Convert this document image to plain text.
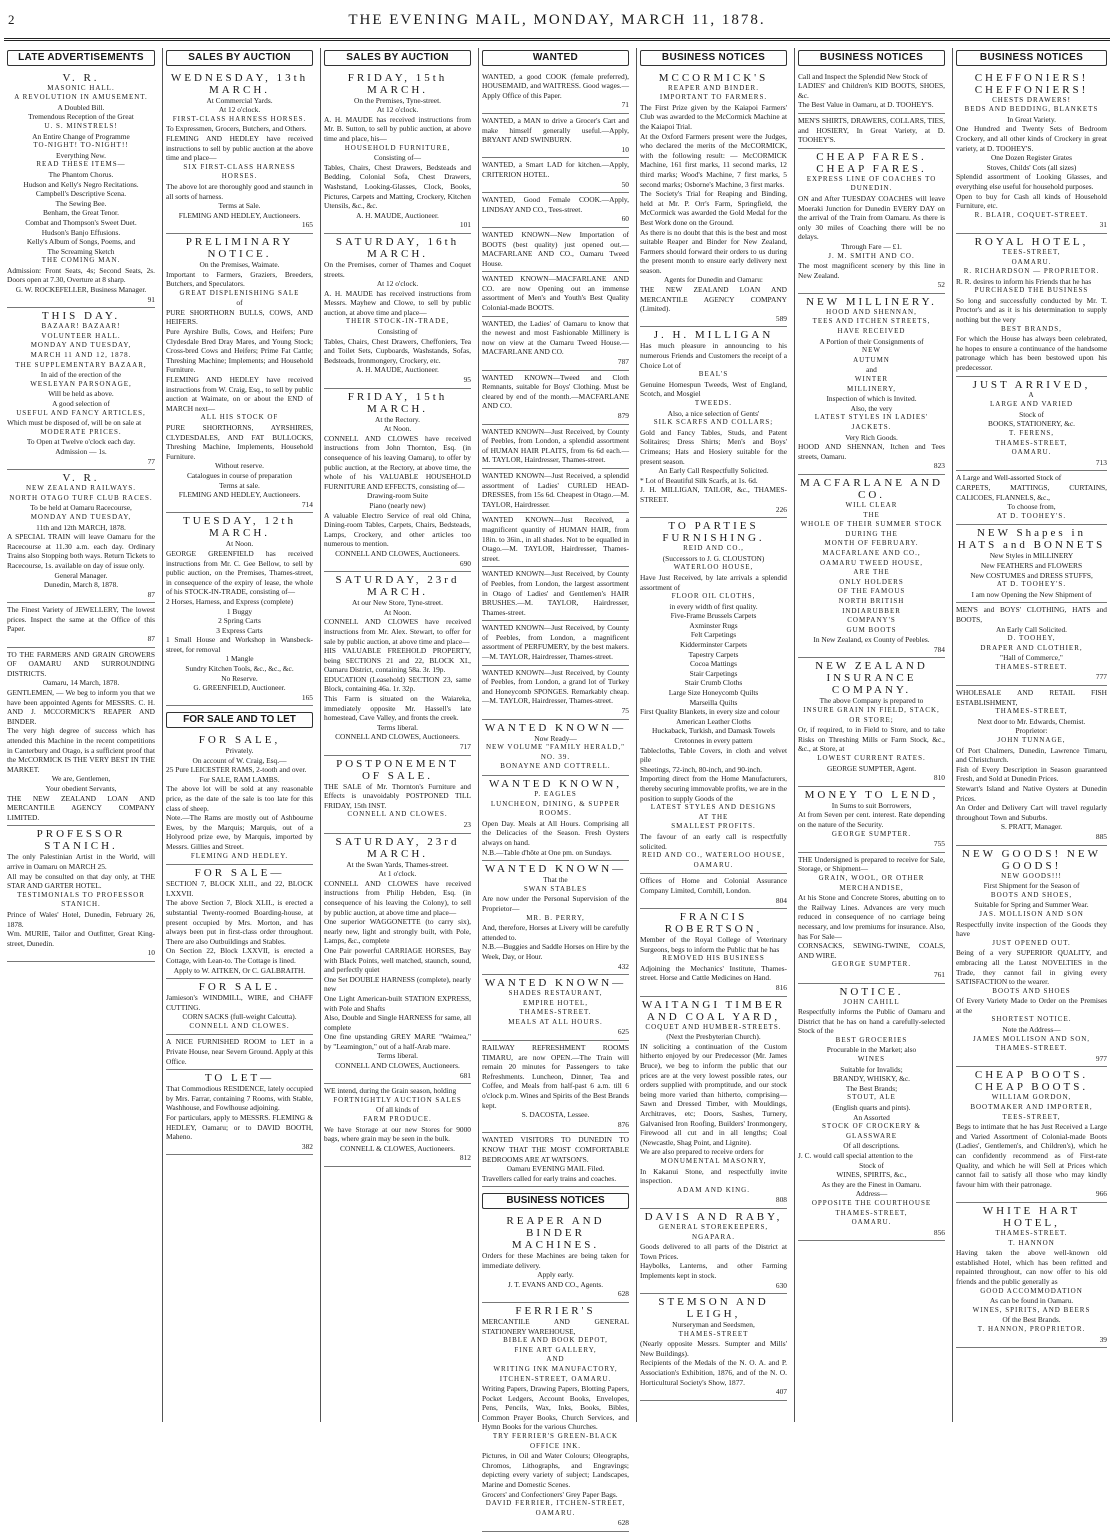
2	THE EVENING MAIL, MONDAY, MARCH 11, 1878.
LATE ADVERTISEMENTS

V. R.

MASONIC HALL.

A REVOLUTION IN AMUSEMENT.

A Doubled Bill.

Tremendous Reception of the Great

U. S. MINSTRELS!

An Entire Change of Programme

TO-NIGHT! TO-NIGHT!!

Everything New.

READ THESE ITEMS—

The Phantom Chorus.

Hudson and Kelly's Negro Recitations.

Campbell's Descriptive Scena.

The Sewing Bee.

Benham, the Great Tenor.

Combat and Thompson's Sweet Duet.

Hudson's Banjo Effusions.

Kelly's Album of Songs, Poems, and

The Screaming Sketch

THE COMING MAN.

Admission: Front Seats, 4s; Second Seats, 2s. Doors open at 7.30, Overture at 8 sharp.

G. W. ROCKEFELLER, Business Manager.

91

THIS DAY.

BAZAAR! BAZAAR!

VOLUNTEER HALL.

MONDAY AND TUESDAY,

MARCH 11 AND 12, 1878.

THE SUPPLEMENTARY BAZAAR,

In aid of the erection of the

WESLEYAN PARSONAGE,

Will be held as above.

A good selection of

USEFUL AND FANCY ARTICLES,

Which must be disposed of, will be on sale at

MODERATE PRICES.

To Open at Twelve o'clock each day.

Admission — 1s.

77

V. R.

NEW ZEALAND RAILWAYS.

NORTH OTAGO TURF CLUB RACES.

To be held at Oamaru Racecourse,

MONDAY AND TUESDAY,

11th and 12th MARCH, 1878.

A SPECIAL TRAIN will leave Oamaru for the Racecourse at 11.30 a.m. each day. Ordinary Trains also Stopping both ways. Return Tickets to Racecourse, 1s. available on day of issue only.

General Manager.

Dunedin, March 8, 1878.

87

The Finest Variety of JEWELLERY, The lowest prices. Inspect the same at the Office of this Paper.

87

TO THE FARMERS AND GRAIN GROWERS OF OAMARU AND SURROUNDING DISTRICTS.

Oamaru, 14 March, 1878.

GENTLEMEN, — We beg to inform you that we have been appointed Agents for MESSRS. C. H. AND J. MCCORMICK'S REAPER AND BINDER.

The very high degree of success which has attended this Machine in the recent competitions in Canterbury and Otago, is a sufficient proof that the McCORMICK IS THE VERY BEST IN THE MARKET.

We are, Gentlemen,

Your obedient Servants,

THE NEW ZEALAND LOAN AND MERCANTILE AGENCY COMPANY LIMITED.

PROFESSOR STANICH.

The only Palestinian Artist in the World, will arrive in Oamaru on MARCH 25.

All may be consulted on that day only, at THE STAR AND GARTER HOTEL.

TESTIMONIALS TO PROFESSOR STANICH.

Prince of Wales' Hotel, Dunedin, February 26, 1878.

Wm. MURIE, Tailor and Outfitter, Great King-street, Dunedin.

10

SALES BY AUCTION

WEDNESDAY, 13th MARCH.

At Commercial Yards.

At 12 o'clock.

FIRST-CLASS HARNESS HORSES.

To Expressmen, Grocers, Butchers, and Others.

FLEMING AND HEDLEY have received instructions to sell by public auction at the above time and place—

SIX FIRST-CLASS HARNESS HORSES.

The above lot are thoroughly good and staunch in all sorts of harness.

Terms at Sale.

FLEMING AND HEDLEY, Auctioneers.

165

PRELIMINARY NOTICE.

On the Premises, Waimate.

Important to Farmers, Graziers, Breeders, Butchers, and Speculators.

GREAT DISPLENISHING SALE

of

PURE SHORTHORN BULLS, COWS, AND HEIFERS.

Pure Ayrshire Bulls, Cows, and Heifers; Pure Clydesdale Bred Dray Mares, and Young Stock; Cross-bred Cows and Heifers; Prime Fat Cattle; Threshing Machine; Implements; and Household Furniture.

FLEMING AND HEDLEY have received instructions from W. Craig, Esq., to sell by public auction at Waimate, on or about the END of MARCH next—

ALL HIS STOCK OF

PURE SHORTHORNS, AYRSHIRES, CLYDESDALES, AND FAT BULLOCKS, Threshing Machine, Implements, Household Furniture.

Without reserve.

Catalogues in course of preparation

Terms at sale.

FLEMING AND HEDLEY, Auctioneers.

714

TUESDAY, 12th MARCH.

At Noon.

GEORGE GREENFIELD has received instructions from Mr. C. Gee Bellow, to sell by public auction, on the Premises, Thames-street, in consequence of the expiry of lease, the whole of his STOCK-IN-TRADE, consisting of—

2 Horses, Harness, and Express (complete)

1 Buggy

2 Spring Carts

3 Express Carts

1 Small House and Workshop in Wansbeck-street, for removal

1 Mangle

Sundry Kitchen Tools, &c., &c., &c.

No Reserve.

G. GREENFIELD, Auctioneer.

165

FOR SALE AND TO LET

FOR SALE,

Privately.

On account of W. Craig, Esq.—

25 Pure LEICESTER RAMS, 2-tooth and over.

For SALE, RAM LAMBS.

The above lot will be sold at any reasonable price, as the date of the sale is too late for this class of sheep.

Note.—The Rams are mostly out of Ashbourne Ewes, by the Marquis; Marquis, out of a Holyrood prize ewe, by Marquis, imported by Messrs. Gillies and Street.

FLEMING AND HEDLEY.

FOR SALE—

SECTION 7, BLOCK XLII., and 22, BLOCK LXXVII.

The above Section 7, Block XLII., is erected a substantial Twenty-roomed Boarding-house, at present occupied by Mrs. Morton, and has always been put in first-class order throughout. There are also Outbuildings and Stables.

On Section 22, Block LXXVII, is erected a Cottage, with Lean-to. The Cottage is lined.

Apply to W. AITKEN, Or C. GALBRAITH.

FOR SALE.

Jamieson's WINDMILL, WIRE, and CHAFF CUTTING.

CORN SACKS (full-weight Calcutta).

CONNELL AND CLOWES.

A NICE FURNISHED ROOM to LET in a Private House, near Severn Ground. Apply at this Office.

TO LET—

That Commodious RESIDENCE, lately occupied by Mrs. Farrar, containing 7 Rooms, with Stable, Washhouse, and Fowlhouse adjoining.

For particulars, apply to MESSRS. FLEMING & HEDLEY, Oamaru; or to DAVID BOOTH, Maheno.

382

SALES BY AUCTION

FRIDAY, 15th MARCH.

On the Premises, Tyne-street.

At 12 o'clock.

A. H. MAUDE has received instructions from Mr. B. Sutton, to sell by public auction, at above time and place, his—

HOUSEHOLD FURNITURE,

Consisting of—

Tables, Chairs, Chest Drawers, Bedsteads and Bedding, Colonial Sofa, Chest Drawers, Washstand, Looking-Glasses, Clock, Books, Pictures, Carpets and Matting, Crockery, Kitchen Utensils, &c., &c.

A. H. MAUDE, Auctioneer.

101

SATURDAY, 16th MARCH.

On the Premises, corner of Thames and Coquet streets.

At 12 o'clock.

A. H. MAUDE has received instructions from Messrs. Mayhew and Clowe, to sell by public auction, at above time and place—

THEIR STOCK-IN-TRADE,

Consisting of

Tables, Chairs, Chest Drawers, Cheffoniers, Tea and Toilet Sets, Cupboards, Washstands, Sofas, Bedsteads, Ironmongery, Crockery, etc.

A. H. MAUDE, Auctioneer.

95

FRIDAY, 15th MARCH.

At the Rectory.

At Noon.

CONNELL AND CLOWES have received instructions from John Thornton, Esq. (in consequence of his leaving Oamaru), to offer by public auction, at the Rectory, at above time, the whole of his VALUABLE HOUSEHOLD FURNITURE AND EFFECTS, consisting of—

Drawing-room Suite

Piano (nearly new)

A valuable Electro Service of real old China, Dining-room Tables, Carpets, Chairs, Bedsteads, Lamps, Crockery, and other articles too numerous to mention.

CONNELL AND CLOWES, Auctioneers.

690

SATURDAY, 23rd MARCH.

At our New Store, Tyne-street.

At Noon.

CONNELL AND CLOWES have received instructions from Mr. Alex. Stewart, to offer for sale by public auction, at above time and place—

HIS VALUABLE FREEHOLD PROPERTY, being SECTIONS 21 and 22, BLOCK XI., Oamaru District, containing 58a. 3r. 19p.

EDUCATION (Leasehold) SECTION 23, same Block, containing 46a. 1r. 32p.

This Farm is situated on the Waiareka, immediately opposite Mr. Hassell's late homestead, Cave Valley, and fronts the creek.

Terms liberal.

CONNELL AND CLOWES, Auctioneers.

717

POSTPONEMENT OF SALE.

THE SALE of Mr. Thornton's Furniture and Effects is unavoidably POSTPONED TILL FRIDAY, 15th INST.

CONNELL AND CLOWES.

23

SATURDAY, 23rd MARCH.

At the Swan Yards, Thames-street.

At 1 o'clock.

CONNELL AND CLOWES have received instructions from Philip Hebden, Esq. (in consequence of his leaving the Colony), to sell by public auction, at above time and place—

One superior WAGGONETTE (to carry six), nearly new, light and strongly built, with Pole, Lamps, &c., complete

One Pair powerful CARRIAGE HORSES, Bay with Black Points, well matched, staunch, sound, and perfectly quiet

One Set DOUBLE HARNESS (complete), nearly new

One Light American-built STATION EXPRESS, with Pole and Shafts

Also, Double and Single HARNESS for same, all complete

One fine upstanding GREY MARE "Waimea," by "Leamington," out of a half-Arab mare.

Terms liberal.

CONNELL AND CLOWES, Auctioneers.

681

WE intend, during the Grain season, holding

FORTNIGHTLY AUCTION SALES

Of all kinds of

FARM PRODUCE.

We have Storage at our new Stores for 9000 bags, where grain may be seen in the bulk.

CONNELL & CLOWES, Auctioneers.

812

WANTED

WANTED, a good COOK (female preferred), HOUSEMAID, and WAITRESS. Good wages.—Apply Office of this Paper.

71

WANTED, a MAN to drive a Grocer's Cart and make himself generally useful.—Apply, BRYANT AND SWINBURN.

10

WANTED, a Smart LAD for kitchen.—Apply, CRITERION HOTEL.

50

WANTED, Good Female COOK.—Apply, LINDSAY AND CO., Tees-street.

60

WANTED KNOWN—New Importation of BOOTS (best quality) just opened out.—MACFARLANE AND CO., Oamaru Tweed House.

WANTED KNOWN—MACFARLANE AND CO. are now Opening out an immense assortment of Men's and Youth's Best Quality Colonial-made BOOTS.

WANTED, the Ladies' of Oamaru to know that the newest and most Fashionable Millinery is now on view at the Oamaru Tweed House.—MACFARLANE AND CO.

787

WANTED KNOWN—Tweed and Cloth Remnants, suitable for Boys' Clothing. Must be cleared by end of the month.—MACFARLANE AND CO.

879

WANTED KNOWN—Just Received, by County of Peebles, from London, a splendid assortment of HUMAN HAIR PLAITS, from 6s 6d each.—M. TAYLOR, Hairdresser, Thames-street.

WANTED KNOWN—Just Received, a splendid assortment of Ladies' CURLED HEAD-DRESSES, from 15s 6d. Cheapest in Otago.—M. TAYLOR, Hairdresser.

WANTED KNOWN—Just Received, a magnificent quantity of HUMAN HAIR, from 18in. to 36in., in all shades. Not to be equalled in Otago.—M. TAYLOR, Hairdresser, Thames-street.

WANTED KNOWN—Just Received, by County of Peebles, from London, the largest assortment in Otago of Ladies' and Gentlemen's HAIR BRUSHES.—M. TAYLOR, Hairdresser, Thames-street.

WANTED KNOWN—Just Received, by County of Peebles, from London, a magnificent assortment of PERFUMERY, by the best makers.—M. TAYLOR, Hairdresser, Thames-street.

WANTED KNOWN—Just Received, by County of Peebles, from London, a grand lot of Turkey and Honeycomb SPONGES. Remarkably cheap.—M. TAYLOR, Hairdresser, Thames-street.

75

WANTED KNOWN—

Now Ready—

NEW VOLUME "FAMILY HERALD," NO. 39.

BONAYNE AND COTTRELL.

WANTED KNOWN,

P. EAGLES

LUNCHEON, DINING, & SUPPER ROOMS.

Open Day. Meals at All Hours. Comprising all the Delicacies of the Season. Fresh Oysters always on hand.

N.B.—Table d'hôte at One pm. on Sundays.

WANTED KNOWN—

That the

SWAN STABLES

Are now under the Personal Supervision of the Proprietor—

MR. B. PERRY,

And, therefore, Horses at Livery will be carefully attended to.

N.B.—Buggies and Saddle Horses on Hire by the Week, Day, or Hour.

432

WANTED KNOWN—

SHADES RESTAURANT,

EMPIRE HOTEL,

THAMES-STREET.

MEALS AT ALL HOURS.

625

RAILWAY REFRESHMENT ROOMS TIMARU, are now OPEN.—The Train will remain 20 minutes for Passengers to take Refreshments. Luncheon, Dinner, Tea and Coffee, and Meals from half-past 6 a.m. till 6 o'clock p.m. Wines and Spirits of the Best Brands kept.

S. DACOSTA, Lessee.

876

WANTED VISITORS TO DUNEDIN TO KNOW THAT THE MOST COMFORTABLE BEDROOMS ARE AT WATSON'S.

Oamaru EVENING MAIL Filed.

Travellers called for early trains and coaches.

BUSINESS NOTICES

REAPER AND BINDER MACHINES.

Orders for these Machines are being taken for immediate delivery.

Apply early.

J. T. EVANS AND CO., Agents.

628

FERRIER'S

MERCANTILE AND GENERAL STATIONERY WAREHOUSE,

BIBLE AND BOOK DEPOT,

FINE ART GALLERY,

AND

WRITING INK MANUFACTORY,

ITCHEN-STREET, OAMARU.

Writing Papers, Drawing Papers, Blotting Papers, Pocket Ledgers, Account Books, Envelopes, Pens, Pencils, Wax, Inks, Books, Bibles, Common Prayer Books, Church Services, and Hymn Books for the various Churches.

TRY FERRIER'S GREEN-BLACK OFFICE INK.

Pictures, in Oil and Water Colours; Oleographs, Chromos, Lithographs, and Engravings; depicting every variety of subject; Landscapes, Marine and Domestic Scenes.

Grocers' and Confectioners' Grey Paper Bags.

DAVID FERRIER, ITCHEN-STREET, OAMARU.

628

BUSINESS NOTICES

MCCORMICK'S

REAPER AND BINDER.

IMPORTANT TO FARMERS.

The First Prize given by the Kaiapoi Farmers' Club was awarded to the McCormick Machine at the Kaiapoi Trial.

At the Oxford Farmers present were the Judges, who declared the merits of the McCORMICK, with the following result: — McCORMICK Machine, 161 first marks, 11 second marks, 12 third marks; Wood's Machine, 7 first marks, 5 second marks; Osborne's Machine, 3 first marks.

The Society's Trial for Reaping and Binding, held at Mr. P. Orr's Farm, Springfield, the McCormick was awarded the Gold Medal for the Best Work done on the Ground.

As there is no doubt that this is the best and most suitable Reaper and Binder for New Zealand, Farmers should forward their orders to us during the present month to ensure early delivery next season.

Agents for Dunedin and Oamaru:

THE NEW ZEALAND LOAN AND MERCANTILE AGENCY COMPANY (Limited).

589

J. H. MILLIGAN

Has much pleasure in announcing to his numerous Friends and Customers the receipt of a Choice Lot of

BEAL'S

Genuine Homespun Tweeds, West of England, Scotch, and Mosgiel

TWEEDS.

Also, a nice selection of Gents'

SILK SCARFS AND COLLARS;

Gold and Fancy Tables, Studs, and Patent Solitaires; Dress Shirts; Men's and Boys' Crimeans; Hats and Hosiery suitable for the present season.

An Early Call Respectfully Solicited.

* Lot of Beautiful Silk Scarfs, at 1s. 6d.

J. H. MILLIGAN, TAILOR, &c., THAMES-STREET.

226

TO PARTIES FURNISHING.

REID AND CO.,

(Successors to J. G. CLOUSTON)

WATERLOO HOUSE,

Have Just Received, by late arrivals a splendid assortment of

FLOOR OIL CLOTHS,

in every width of first quality.

Five-Frame Brussels Carpets

Axminster Rugs

Felt Carpetings

Kidderminster Carpets

Tapestry Carpets

Cocoa Mattings

Stair Carpetings

Stair Crumb Cloths

Large Size Honeycomb Quilts

Marseilla Quilts

First Quality Blankets, in every size and colour

American Leather Cloths

Huckaback, Turkish, and Damask Towels

Cretonnes in every pattern

Tablecloths, Table Covers, in cloth and velvet pile

Sheetings, 72-inch, 80-inch, and 90-inch.

Importing direct from the Home Manufacturers, thereby securing immovable profits, we are in the position to supply Goods of the

LATEST STYLES AND DESIGNS

AT THE

SMALLEST PROFITS.

The favour of an early call is respectfully solicited.

REID AND CO., WATERLOO HOUSE, OAMARU.

Offices of Home and Colonial Assurance Company Limited, Cornhill, London.

804

FRANCIS ROBERTSON,

Member of the Royal College of Veterinary Surgeons, begs to inform the Public that he has

REMOVED HIS BUSINESS

Adjoining the Mechanics' Institute, Thames-street. Horse and Cattle Medicines on Hand.

816

WAITANGI TIMBER AND COAL YARD,

COQUET AND HUMBER-STREETS.

(Next the Presbyterian Church).

IN soliciting a continuation of the Custom hitherto enjoyed by our Predecessor (Mr. James Bruce), we beg to inform the public that our prices are at the very lowest possible rates, our orders supplied with promptitude, and our stock being more varied than hitherto, comprising—Sawn and Dressed Timber, with Mouldings, Architraves, etc; Doors, Sashes, Turnery, Galvanised Iron Roofing, Builders' Ironmongery, Firewood all cut and in all lengths; Coal (Newcastle, Shag Point, and Lignite).

We are also prepared to receive orders for

MONUMENTAL MASONRY,

In Kakanui Stone, and respectfully invite inspection.

ADAM AND KING.

808

DAVIS AND RABY,

GENERAL STOREKEEPERS,

NGAPARA.

Goods delivered to all parts of the District at Town Prices.

Haybolks, Lanterns, and other Farming Implements kept in stock.

630

STEMSON AND LEIGH,

Nurseryman and Seedsmen,

THAMES-STREET

(Nearly opposite Messrs. Sumpter and Mills' New Buildings).

Recipients of the Medals of the N. O. A. and P. Association's Exhibition, 1876, and of the N. O. Horticultural Society's Show, 1877.

407

BUSINESS NOTICES

Call and Inspect the Splendid New Stock of

LADIES' and Children's KID BOOTS, SHOES, &c.

The Best Value in Oamaru, at D. TOOHEY'S.

MEN'S SHIRTS, DRAWERS, COLLARS, TIES, and HOSIERY, In Great Variety, at D. TOOHEY'S.

CHEAP FARES. CHEAP FARES.

EXPRESS LINE OF COACHES TO DUNEDIN.

ON and After TUESDAY COACHES will leave Moeraki Junction for Dunedin EVERY DAY on the arrival of the Train from Oamaru. As there is only 30 miles of Coaching there will be no delays.

Through Fare — £1.

J. M. SMITH AND CO.

The most magnificent scenery by this line in New Zealand.

52

NEW MILLINERY.

HOOD AND SHENNAN,

TEES AND ITCHEN STREETS,

HAVE RECEIVED

A Portion of their Consignments of

NEW

AUTUMN

and

WINTER

MILLINERY,

Inspection of which is Invited.

Also, the very

LATEST STYLES IN LADIES' JACKETS.

Very Rich Goods.

HOOD AND SHENNAN, Itchen and Tees streets, Oamaru.

823

MACFARLANE AND CO.

WILL CLEAR

THE

WHOLE OF THEIR SUMMER STOCK

DURING THE

MONTH OF FEBRUARY.

MACFARLANE AND CO.,

OAMARU TWEED HOUSE,

ARE THE

ONLY HOLDERS

OF THE FAMOUS

NORTH BRITISH

INDIARUBBER

COMPANY'S

GUM BOOTS

In New Zealand, ex County of Peebles.

784

NEW ZEALAND INSURANCE COMPANY.

The above Company is prepared to

INSURE GRAIN IN FIELD, STACK, OR STORE;

Or, if required, to in Field to Store, and to take Risks on Threshing Mills or Farm Stock, &c., &c., at Store, at

LOWEST CURRENT RATES.

GEORGE SUMPTER, Agent.

810

MONEY TO LEND,

In Sums to suit Borrowers,

At from Seven per cent. interest. Rate depending on the nature of the Security.

GEORGE SUMPTER.

755

THE Undersigned is prepared to receive for Sale, Storage, or Shipment—

GRAIN, WOOL, OR OTHER MERCHANDISE,

At his Stone and Concrete Stores, abutting on to the Railway Lines. Advances are very much reduced in consequence of no carriage being necessary, and low premiums for insurance. Also, has For Sale—

CORNSACKS, SEWING-TWINE, COALS, AND WIRE.

GEORGE SUMPTER.

761

NOTICE.

JOHN CAHILL

Respectfully informs the Public of Oamaru and District that he has on hand a carefully-selected Stock of the

BEST GROCERIES

Procurable in the Market; also

WINES

Suitable for Invalids;

BRANDY, WHISKY, &c.

The Best Brands;

STOUT, ALE

(English quarts and pints).

An Assorted

STOCK OF CROCKERY & GLASSWARE

Of all descriptions.

J. C. would call special attention to the

Stock of

WINES, SPIRITS, &c.,

As they are the Finest in Oamaru.

Address—

OPPOSITE THE COURTHOUSE

THAMES-STREET,

OAMARU.

856

BUSINESS NOTICES

CHEFFONIERS! CHEFFONIERS!

CHESTS DRAWERS!

BEDS AND BEDDING, BLANKETS

In Great Variety.

One Hundred and Twenty Sets of Bedroom Crockery, and all other kinds of Crockery in great variety, at D. TOOHEY'S.

One Dozen Register Grates

Stoves, Childs' Cots (all sizes)

Splendid assortment of Looking Glasses, and everything else useful for household purposes.

Open to buy for Cash all kinds of Household Furniture, etc.

R. BLAIR, COQUET-STREET.

31

ROYAL HOTEL,

TEES-STREET,

OAMARU.

R. RICHARDSON — PROPRIETOR.

R. R. desires to inform his Friends that he has

PURCHASED THE BUSINESS

So long and successfully conducted by Mr. T. Proctor's and as it is his determination to supply nothing but the very

BEST BRANDS,

For which the House has always been celebrated, he hopes to ensure a continuance of the handsome patronage which has been bestowed upon his predecessor.

JUST ARRIVED,

A

LARGE AND VARIED

Stock of

BOOKS, STATIONERY, &c.

T. FERENS,

THAMES-STREET,

OAMARU.

713

A Large and Well-assorted Stock of

CARPETS, MATTINGS, CURTAINS, CALICOES, FLANNELS, &c.,

To choose from,

AT D. TOOHEY'S.

NEW Shapes in HATS and BONNETS

New Styles in MILLINERY

New FEATHERS and FLOWERS

New COSTUMES and DRESS STUFFS,

AT D. TOOHEY'S.

I am now Opening the New Shipment of

MEN'S and BOYS' CLOTHING, HATS and BOOTS,

An Early Call Solicited.

D. TOOHEY,

DRAPER AND CLOTHIER,

"Hall of Commerce,"

THAMES-STREET.

777

WHOLESALE AND RETAIL FISH ESTABLISHMENT,

THAMES-STREET,

Next door to Mr. Edwards, Chemist.

Proprietor:

JOHN TUNNAGE,

Of Port Chalmers, Dunedin, Lawrence Timaru, and Christchurch.

Fish of Every Description in Season guaranteed Fresh, and Sold at Dunedin Prices.

Stewart's Island and Native Oysters at Dunedin Prices.

An Order and Delivery Cart will travel regularly throughout Town and Suburbs.

S. PRATT, Manager.

885

NEW GOODS! NEW GOODS!

NEW GOODS!!!

First Shipment for the Season of

BOOTS AND SHOES,

Suitable for Spring and Summer Wear.

JAS. MOLLISON AND SON

Respectfully invite inspection of the Goods they have

JUST OPENED OUT.

Being of a very SUPERIOR QUALITY, and embracing all the Latest NOVELTIES in the Trade, they cannot fail in giving every SATISFACTION to the wearer.

BOOTS AND SHOES

Of Every Variety Made to Order on the Premises at the

SHORTEST NOTICE.

Note the Address—

JAMES MOLLISON AND SON, THAMES-STREET.

977

CHEAP BOOTS. CHEAP BOOTS.

WILLIAM GORDON,

BOOTMAKER AND IMPORTER,

TEES-STREET,

Begs to intimate that he has Just Received a Large and Varied Assortment of Colonial-made Boots (Ladies', Gentlemen's, and Children's), which he can confidently recommend as of First-rate Quality, and which he will Sell at Prices which cannot fail to satisfy all those who may kindly favour him with their patronage.

966

WHITE HART HOTEL,

THAMES-STREET.

T. HANNON

Having taken the above well-known old established Hotel, which has been refitted and repainted throughout, can now offer to his old friends and the public generally as

GOOD ACCOMMODATION

As can be found in Oamaru.

WINES, SPIRITS, AND BEERS

Of the Best Brands.

T. HANNON, PROPRIETOR.

39
